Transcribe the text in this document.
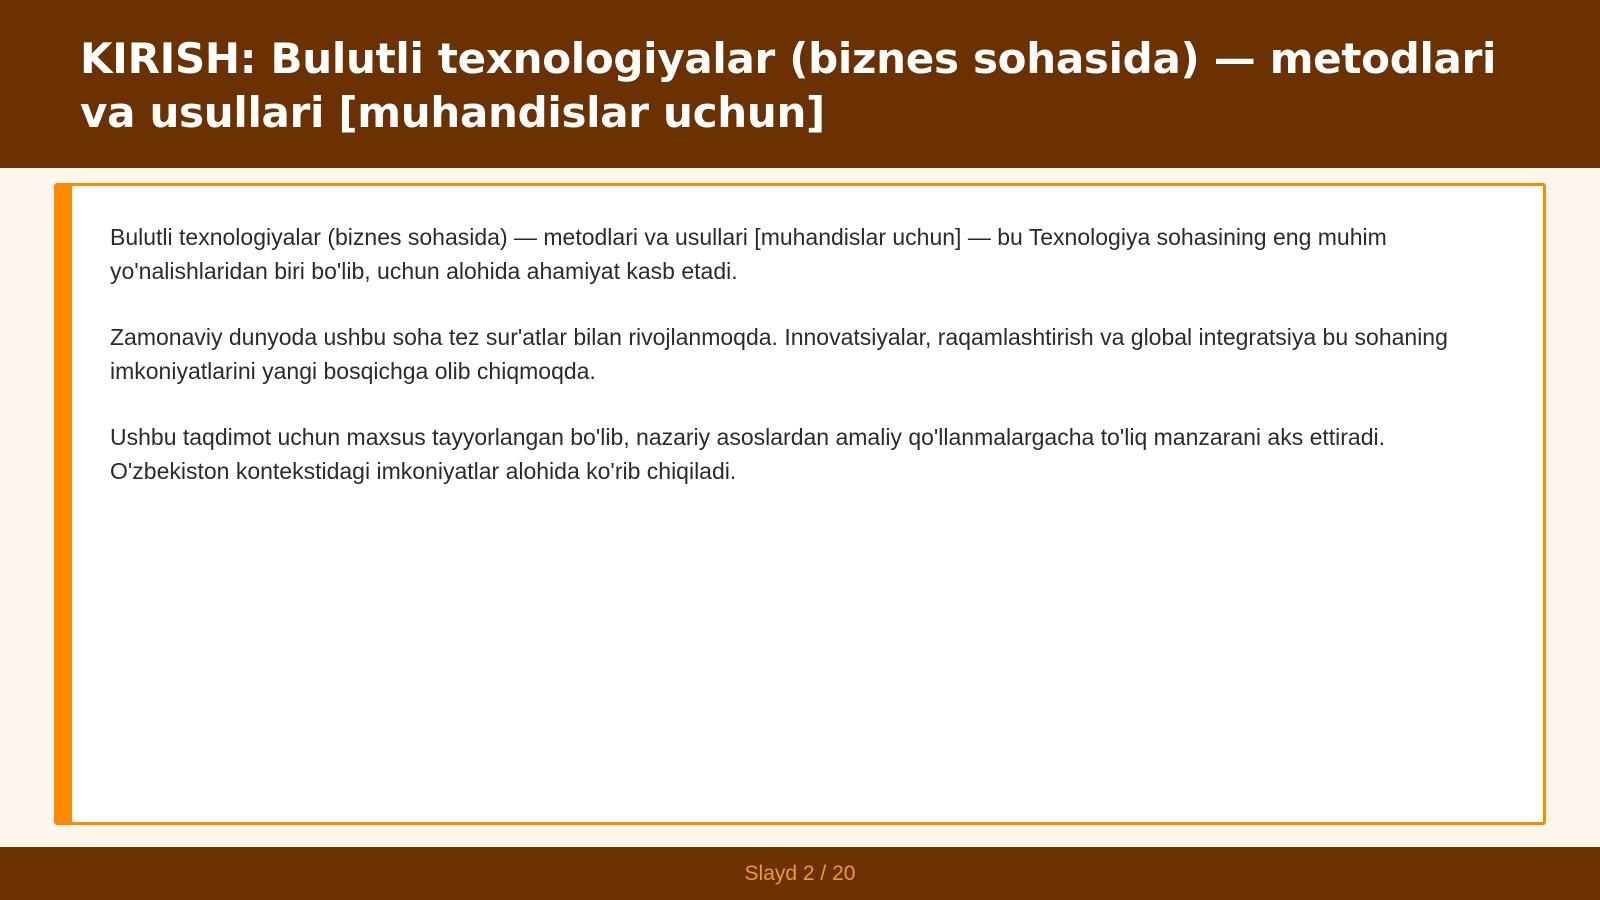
KIRISH: Bulutli texnologiyalar (biznes sohasida) — metodlari va usullari [muhandislar uchun]

Bulutli texnologiyalar (biznes sohasida) — metodlari va usullari [muhandislar uchun] — bu Texnologiya sohasining eng muhim yo'nalishlaridan biri bo'lib, uchun alohida ahamiyat kasb etadi.

Zamonaviy dunyoda ushbu soha tez sur'atlar bilan rivojlanmoqda. Innovatsiyalar, raqamlashtirish va global integratsiya bu sohaning imkoniyatlarini yangi bosqichga olib chiqmoqda.

Ushbu taqdimot uchun maxsus tayyorlangan bo'lib, nazariy asoslardan amaliy qo'llanmalargacha to'liq manzarani aks ettiradi. O'zbekiston kontekstidagi imkoniyatlar alohida ko'rib chiqiladi.

Slayd 2 / 20
